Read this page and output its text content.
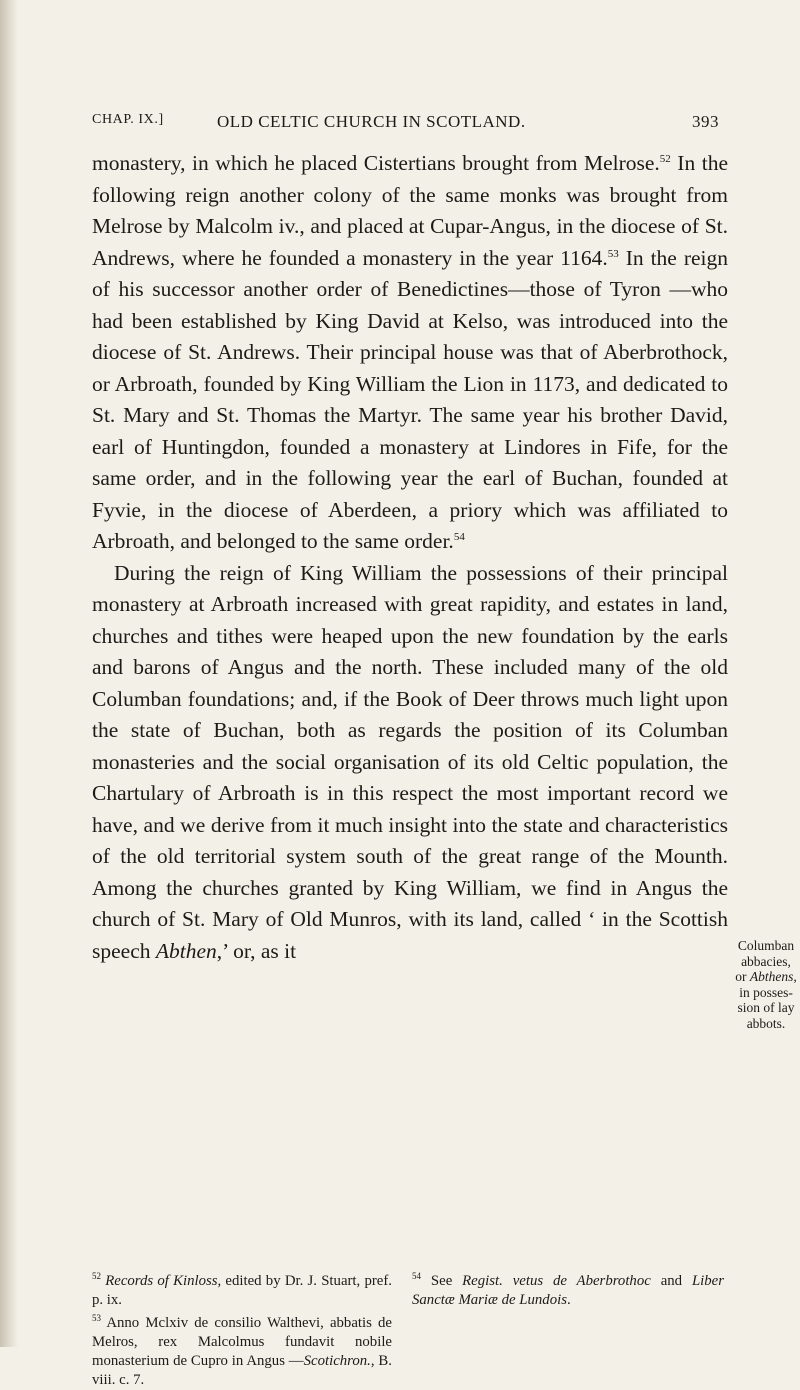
CHAP. IX.]	OLD CELTIC CHURCH IN SCOTLAND.	393

monastery, in which he placed Cistertians brought from Melrose.$^{52}$ In the following reign another colony of the same monks was brought from Melrose by Malcolm iv., and placed at Cupar-Angus, in the diocese of St. Andrews, where he founded a monastery in the year 1164.53 In the reign of his successor another order of Benedictines—those of Tyron —who had been established by King David at Kelso, was introduced into the diocese of St. Andrews. Their principal house was that of Aberbrothock, or Arbroath, founded by King William the Lion in 1173, and dedicated to St. Mary and St. Thomas the Martyr. The same year his brother David, earl of Huntingdon, founded a monastery at Lindores in Fife, for the same order, and in the following year the earl of Buchan, founded at Fyvie, in the diocese of Aberdeen, a priory which was affiliated to Arbroath, and belonged to the same order.$^{54}$

During the reign of King William the possessions of their principal monastery at Arbroath increased with great rapidity, and estates in land, churches and tithes were heaped upon the new foundation by the earls and barons of Angus and the north. These included many of the old Columban foundations; and, if the Book of Deer throws much light upon the state of Buchan, both as regards the position of its Columban monasteries and the social organisation of its old Celtic population, the Chartulary of Arbroath is in this respect the most important record we have, and we derive from it much insight into the state and characteristics of the old territorial system south of the great range of the Mounth. Among the churches granted by King William, we find in Angus the church of St. Mary of Old Munros, with its land, called ‘ in the Scottish speech Abthen,’ or, as it	Columban
abbacies,
or Abthens,
in posses-
sion of lay
abbots.

$^{52}$ Records of Kinloss, edited by Dr. J. Stuart, pref. p. ix.

$^{53}$ Anno Mclxiv de consilio Walthevi, abbatis de Melros, rex Malcolmus fundavit nobile monasterium de Cupro in Angus —Scotichron., B. viii. c. 7.

$^{54}$ See Regist. vetus de Aberbrothoc and Liber Sanctæ Mariæ de Lundois.
